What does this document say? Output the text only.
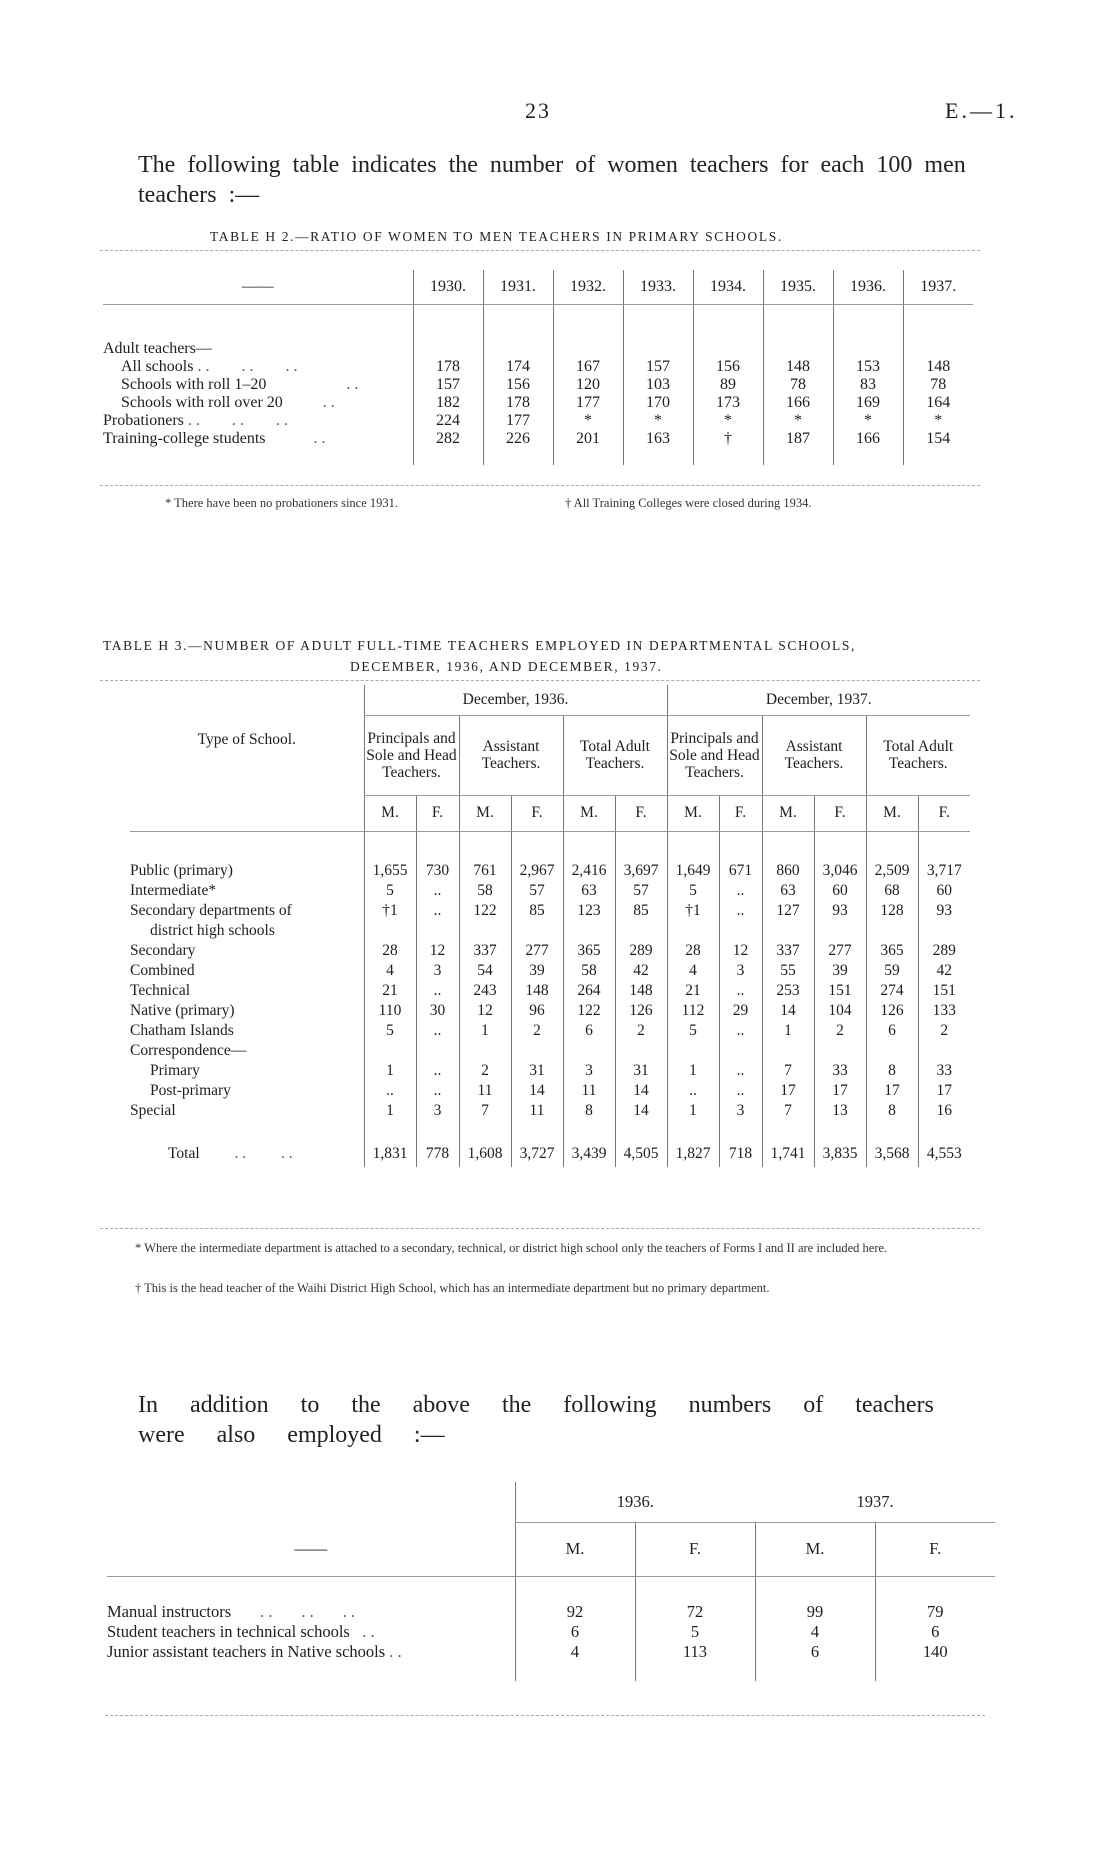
23	E.—1.
The following table indicates the number of women teachers for each 100 men teachers :—
TABLE H 2.—RATIO OF WOMEN TO MEN TEACHERS IN PRIMARY SCHOOLS.
——	1930.	1931.	1932.	1933.	1934.	1935.	1936.	1937.

Adult teachers—								
All schools . .        . .        . .	178	174	167	157	156	148	153	148
Schools with roll 1–20                    . .	157	156	120	103	89	78	83	78
Schools with roll over 20          . .	182	178	177	170	173	166	169	164
Probationers . .        . .        . .	224	177	*	*	*	*	*	*
Training-college students            . .	282	226	201	163	†	187	166	154

* There have been no probationers since 1931.	† All Training Colleges were closed during 1934.
TABLE H 3.—NUMBER OF ADULT FULL-TIME TEACHERS EMPLOYED IN DEPARTMENTAL SCHOOLS,
DECEMBER, 1936, AND DECEMBER, 1937.
Type of School.	December, 1936.						December, 1937.					
	Principals and Sole and Head Teachers.		Assistant Teachers.		Total Adult Teachers.		Principals and Sole and Head Teachers.		Assistant Teachers.		Total Adult Teachers.	
	M.	F.	M.	F.	M.	F.	M.	F.	M.	F.	M.	F.

Public (primary)	1,655	730	761	2,967	2,416	3,697	1,649	671	860	3,046	2,509	3,717
Intermediate*	5	..	58	57	63	57	5	..	63	60	68	60
Secondary departments of	†1	..	122	85	123	85	†1	..	127	93	128	93
district high schools												
Secondary	28	12	337	277	365	289	28	12	337	277	365	289
Combined	4	3	54	39	58	42	4	3	55	39	59	42
Technical	21	..	243	148	264	148	21	..	253	151	274	151
Native (primary)	110	30	12	96	122	126	112	29	14	104	126	133
Chatham Islands	5	..	1	2	6	2	5	..	1	2	6	2
Correspondence—												
Primary	1	..	2	31	3	31	1	..	7	33	8	33
Post-primary	..	..	11	14	11	14	..	..	17	17	17	17
Special	1	3	7	11	8	14	1	3	7	13	8	16

Total         . .         . .	1,831	778	1,608	3,727	3,439	4,505	1,827	718	1,741	3,835	3,568	4,553
* Where the intermediate department is attached to a secondary, technical, or district high school only the teachers of Forms I and II are included here.
† This is the head teacher of the Waihi District High School, which has an intermediate department but no primary department.
In addition to the above the following numbers of teachers were also employed :—
	1936.		1937.	
——	M.	F.	M.	F.

Manual instructors       . .       . .       . .	92	72	99	79
Student teachers in technical schools   . .	6	5	4	6
Junior assistant teachers in Native schools . .	4	113	6	140
